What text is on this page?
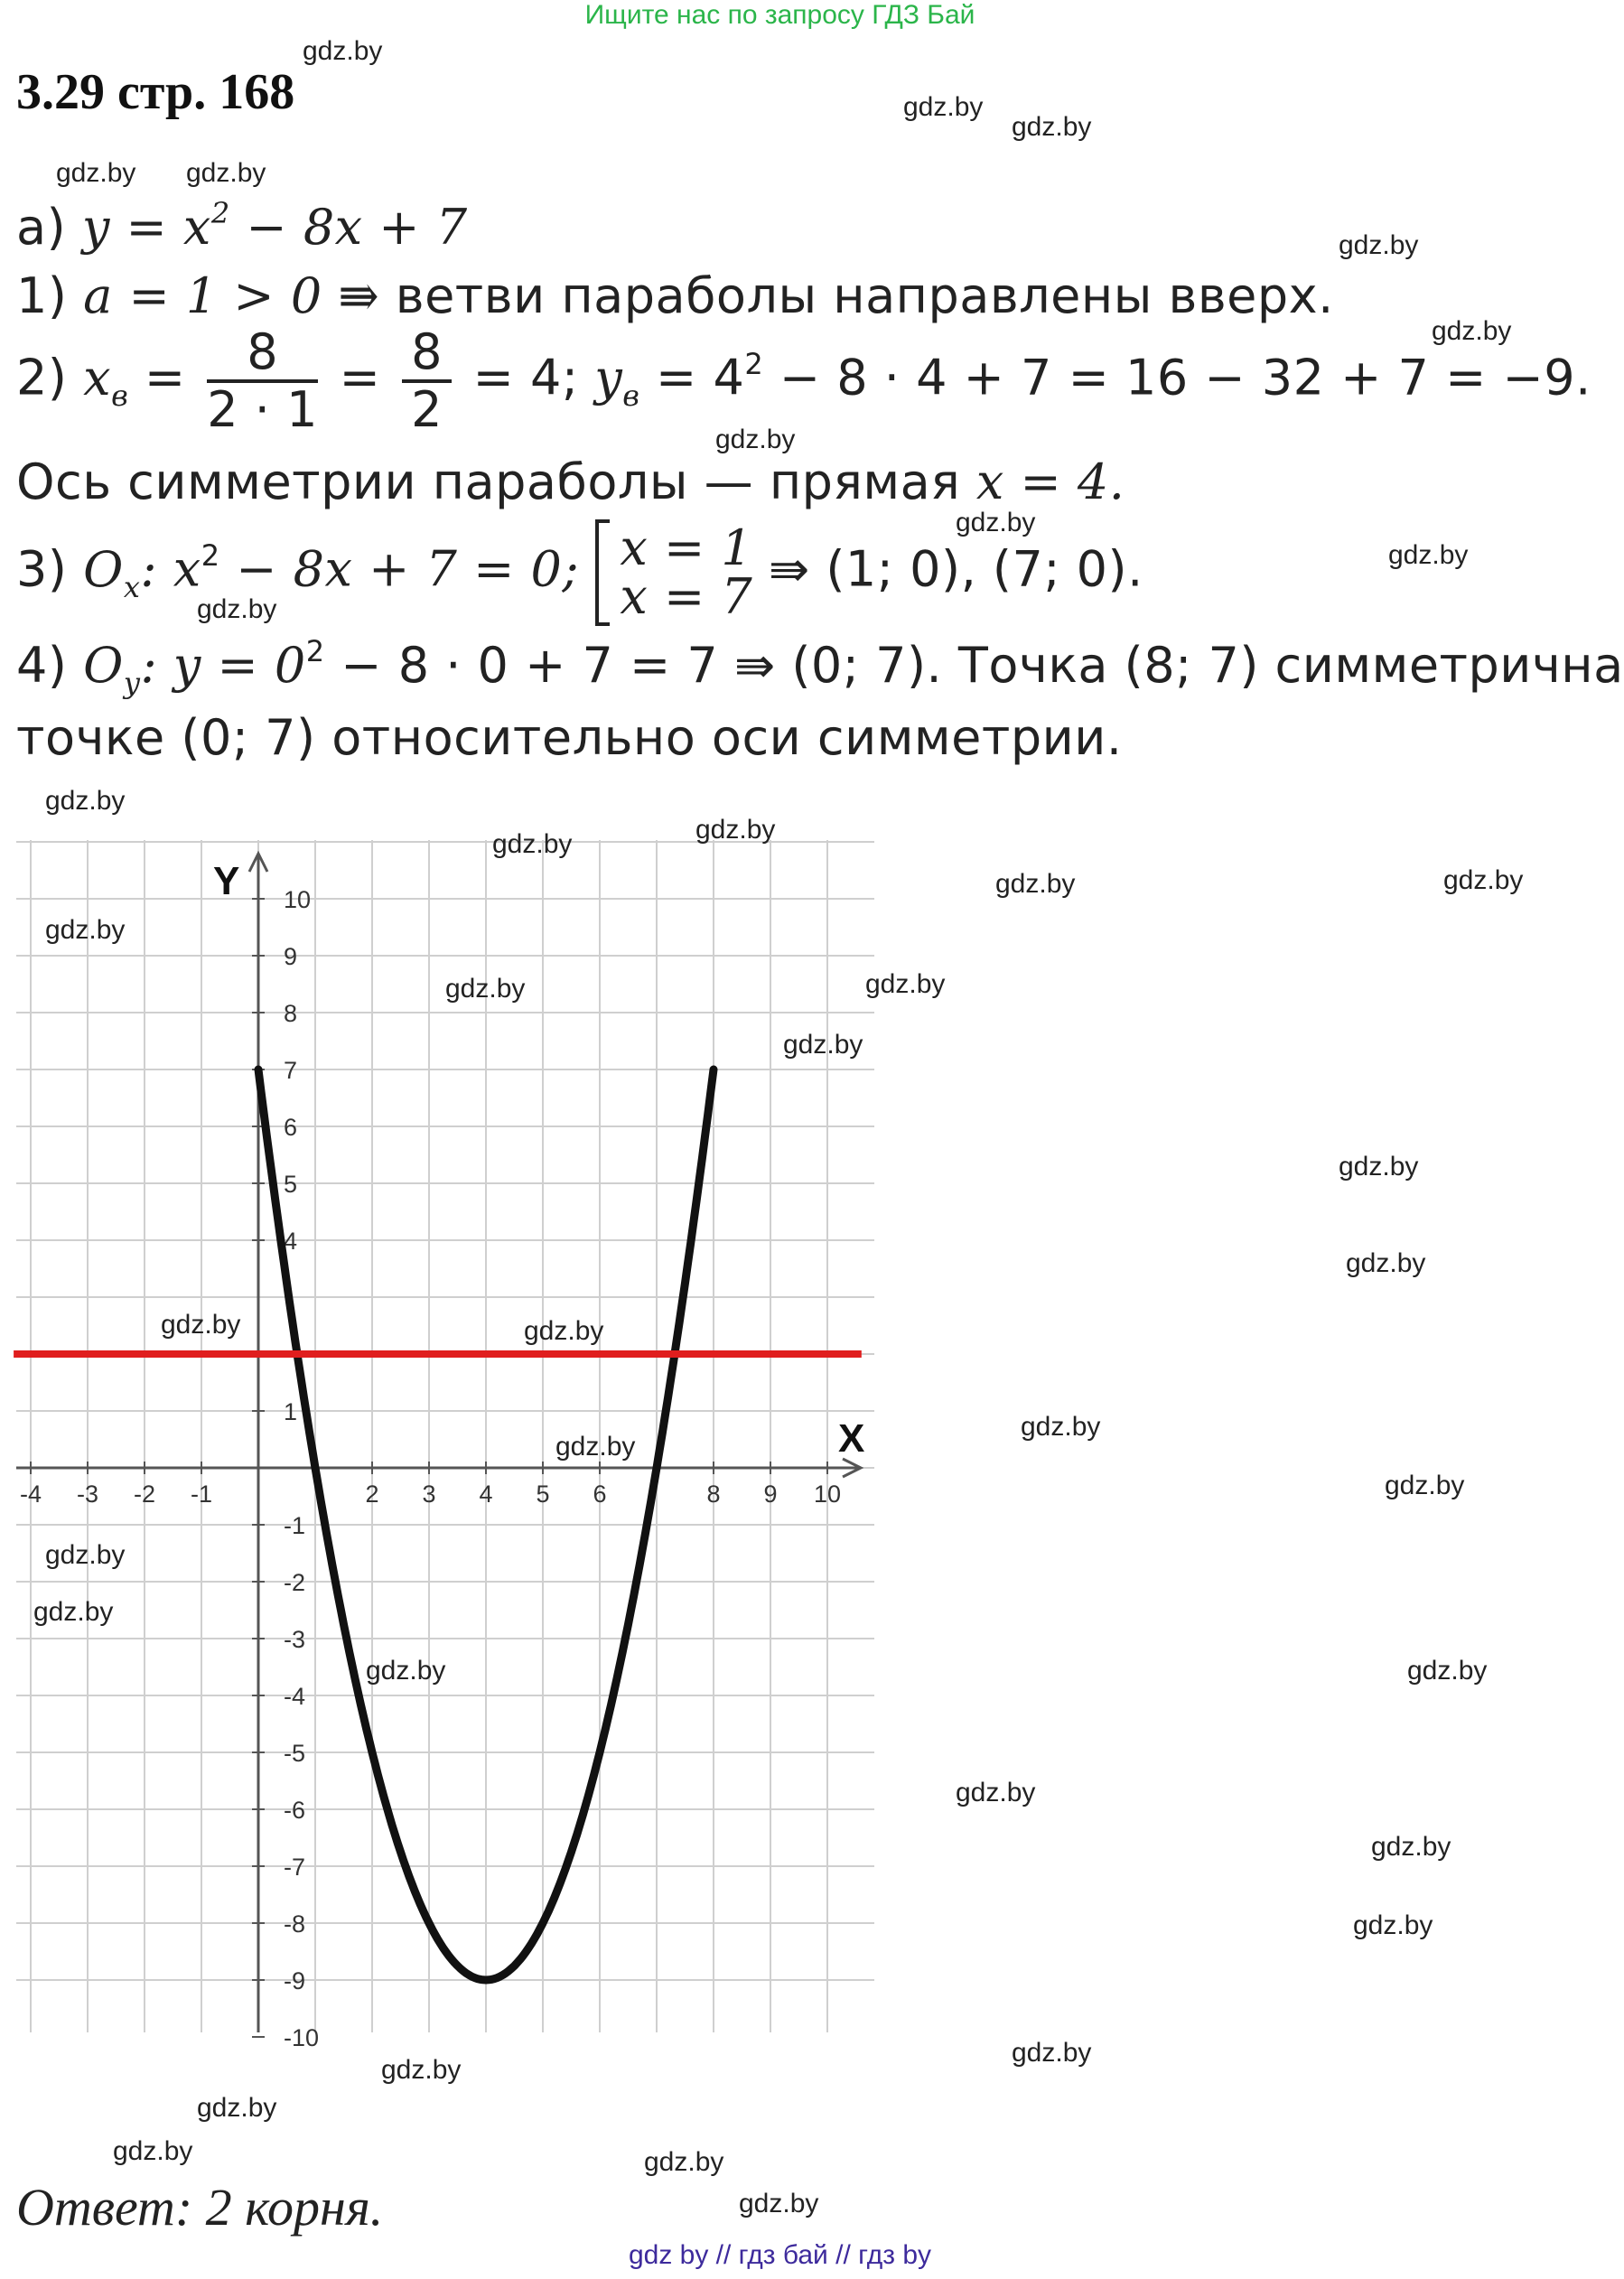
Ищите нас по запросу ГДЗ Бай
3.29 стр. 168
а) $y = x^2 - 8x + 7$
1) a = 1 > 0 ⇛ ветви параболы направлены вверх.
2) $x_в = \frac{8}{2 \cdot 1} = \frac{8}{2} = 4$; $y_в = 4^2 - 8 \cdot 4 + 7 = 16 - 32 + 7 = -9$.
Ось симметрии параболы — прямая x = 4.
3) $O_x$: $x^2 - 8x + 7 = 0$; x = 1
x = 7 ⇛ (1; 0), (7; 0).
4) $O_y$: $y = 0^2 - 8 \cdot 0 + 7 = 7$ ⇛ (0; 7). Точка (8; 7) симметрична
точке (0; 7) относительно оси симметрии.
-4 -3 -2 -1	2 3 4 5 6	8 9 10
10
9
8
7
6
5
4
1
-1
-2
-3
-4
-5
-6
-7
-8
-9
-10
X
Y
gdz.by
gdz.by
gdz.by
gdz.by gdz.by
gdz.by
gdz.by
gdz.by
gdz.by
gdz.by
gdz.by
gdz.by
gdz.by
gdz.by
gdz.by	gdz.by
gdz.by
gdz.by	gdz.by
gdz.by
gdz.by
gdz.by
gdz.by	gdz.by
gdz.by
gdz.by
gdz.by
gdz.by
gdz.by
gdz.by	gdz.by
gdz.by
gdz.by
gdz.by
gdz.by
gdz.by
gdz.by
gdz.by	gdz.by
gdz.by
Ответ: 2 корня.
gdz by // гдз бай // гдз by
